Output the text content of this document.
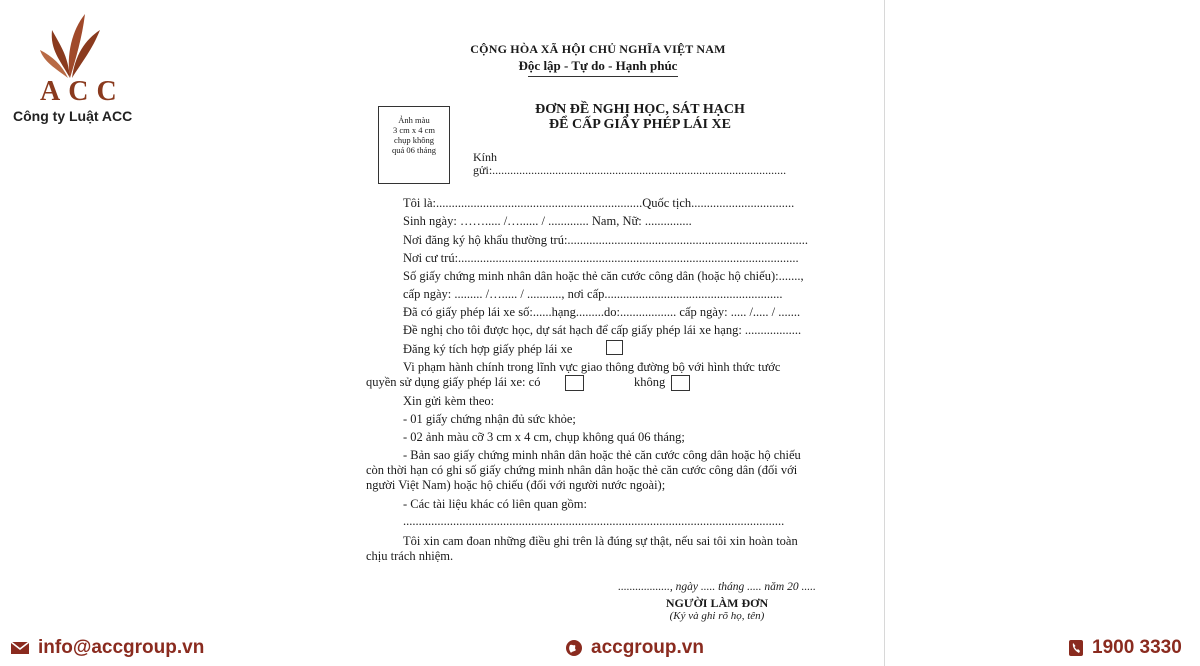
ACC
Công ty Luật ACC
CỘNG HÒA XÃ HỘI CHỦ NGHĨA VIỆT NAM
Độc lập - Tự do - Hạnh phúc
ĐƠN ĐỀ NGHỊ HỌC, SÁT HẠCH
ĐỂ CẤP GIẤY PHÉP LÁI XE
Ảnh màu
3 cm x 4 cm
chụp không
quá 06 tháng	Kính
gửi:..................................................................................................
Tôi là:..................................................................Quốc tịch.................................
Sinh ngày: ……..... /…...... / ............. Nam, Nữ: ...............
Nơi đăng ký hộ khẩu thường trú:.............................................................................
Nơi cư trú:.............................................................................................................
Số giấy chứng minh nhân dân hoặc thẻ căn cước công dân (hoặc hộ chiếu):.......,
cấp ngày: ......... /…..... / ..........., nơi cấp.........................................................
Đã có giấy phép lái xe số:......hạng.........do:.................. cấp ngày: ..... /..... / .......
Đề nghị cho tôi được học, dự sát hạch để cấp giấy phép lái xe hạng: ..................
Đăng ký tích hợp giấy phép lái xe
Vi phạm hành chính trong lĩnh vực giao thông đường bộ với hình thức tước
quyền sử dụng giấy phép lái xe: có	không
Xin gửi kèm theo:
- 01 giấy chứng nhận đủ sức khỏe;
- 02 ảnh màu cỡ 3 cm x 4 cm, chụp không quá 06 tháng;
- Bản sao giấy chứng minh nhân dân hoặc thẻ căn cước công dân hoặc hộ chiếu
còn thời hạn có ghi số giấy chứng minh nhân dân hoặc thẻ căn cước công dân (đối với
người Việt Nam) hoặc hộ chiếu (đối với người nước ngoài);
- Các tài liệu khác có liên quan gồm:
..........................................................................................................................
Tôi xin cam đoan những điều ghi trên là đúng sự thật, nếu sai tôi xin hoàn toàn
chịu trách nhiệm.
.................., ngày ..... tháng ..... năm 20 .....
NGƯỜI LÀM ĐƠN
(Ký và ghi rõ họ, tên)
info@accgroup.vn	accgroup.vn	1900 3330
